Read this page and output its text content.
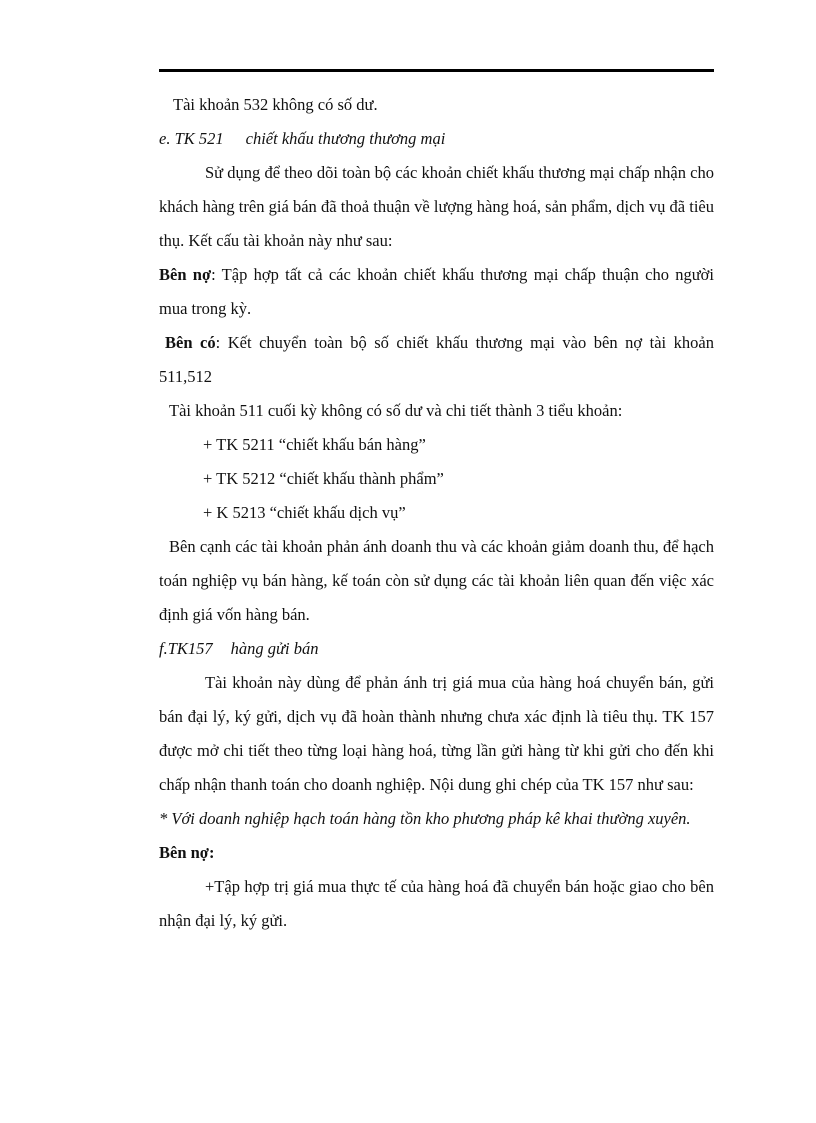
Tài khoản 532 không có số dư.

e. TK 521 chiết khấu thương thương mại

Sử dụng để theo dõi toàn bộ các khoản chiết khấu thương mại chấp nhận cho khách hàng trên giá bán đã thoả thuận về lượng hàng hoá, sản phẩm, dịch vụ đã tiêu thụ. Kết cấu tài khoản này như sau:

Bên nợ: Tập hợp tất cả các khoản chiết khấu thương mại chấp thuận cho người mua trong kỳ.

Bên có: Kết chuyển toàn bộ số chiết khấu thương mại vào bên nợ tài khoản 511,512

Tài khoản 511 cuối kỳ không có số dư và chi tiết thành 3 tiểu khoản:

+ TK 5211 “chiết khấu bán hàng”

+ TK 5212 “chiết khấu thành phẩm”

+ K 5213 “chiết khấu dịch vụ”

Bên cạnh các tài khoản phản ánh doanh thu và các khoản giảm doanh thu, để hạch toán nghiệp vụ bán hàng, kế toán còn sử dụng các tài khoản liên quan đến việc xác định giá vốn hàng bán.

f.TK157 hàng gửi bán

Tài khoản này dùng để phản ánh trị giá mua của hàng hoá chuyển bán, gửi bán đại lý, ký gửi, dịch vụ đã hoàn thành nhưng chưa xác định là tiêu thụ. TK 157 được mở chi tiết theo từng loại hàng hoá, từng lần gửi hàng từ khi gửi cho đến khi chấp nhận thanh toán cho doanh nghiệp. Nội dung ghi chép của TK 157 như sau:

* Với doanh nghiệp hạch toán hàng tồn kho phương pháp kê khai thường xuyên.

Bên nợ:

+Tập hợp trị giá mua thực tế của hàng hoá đã chuyển bán hoặc giao cho bên nhận đại lý, ký gửi.
